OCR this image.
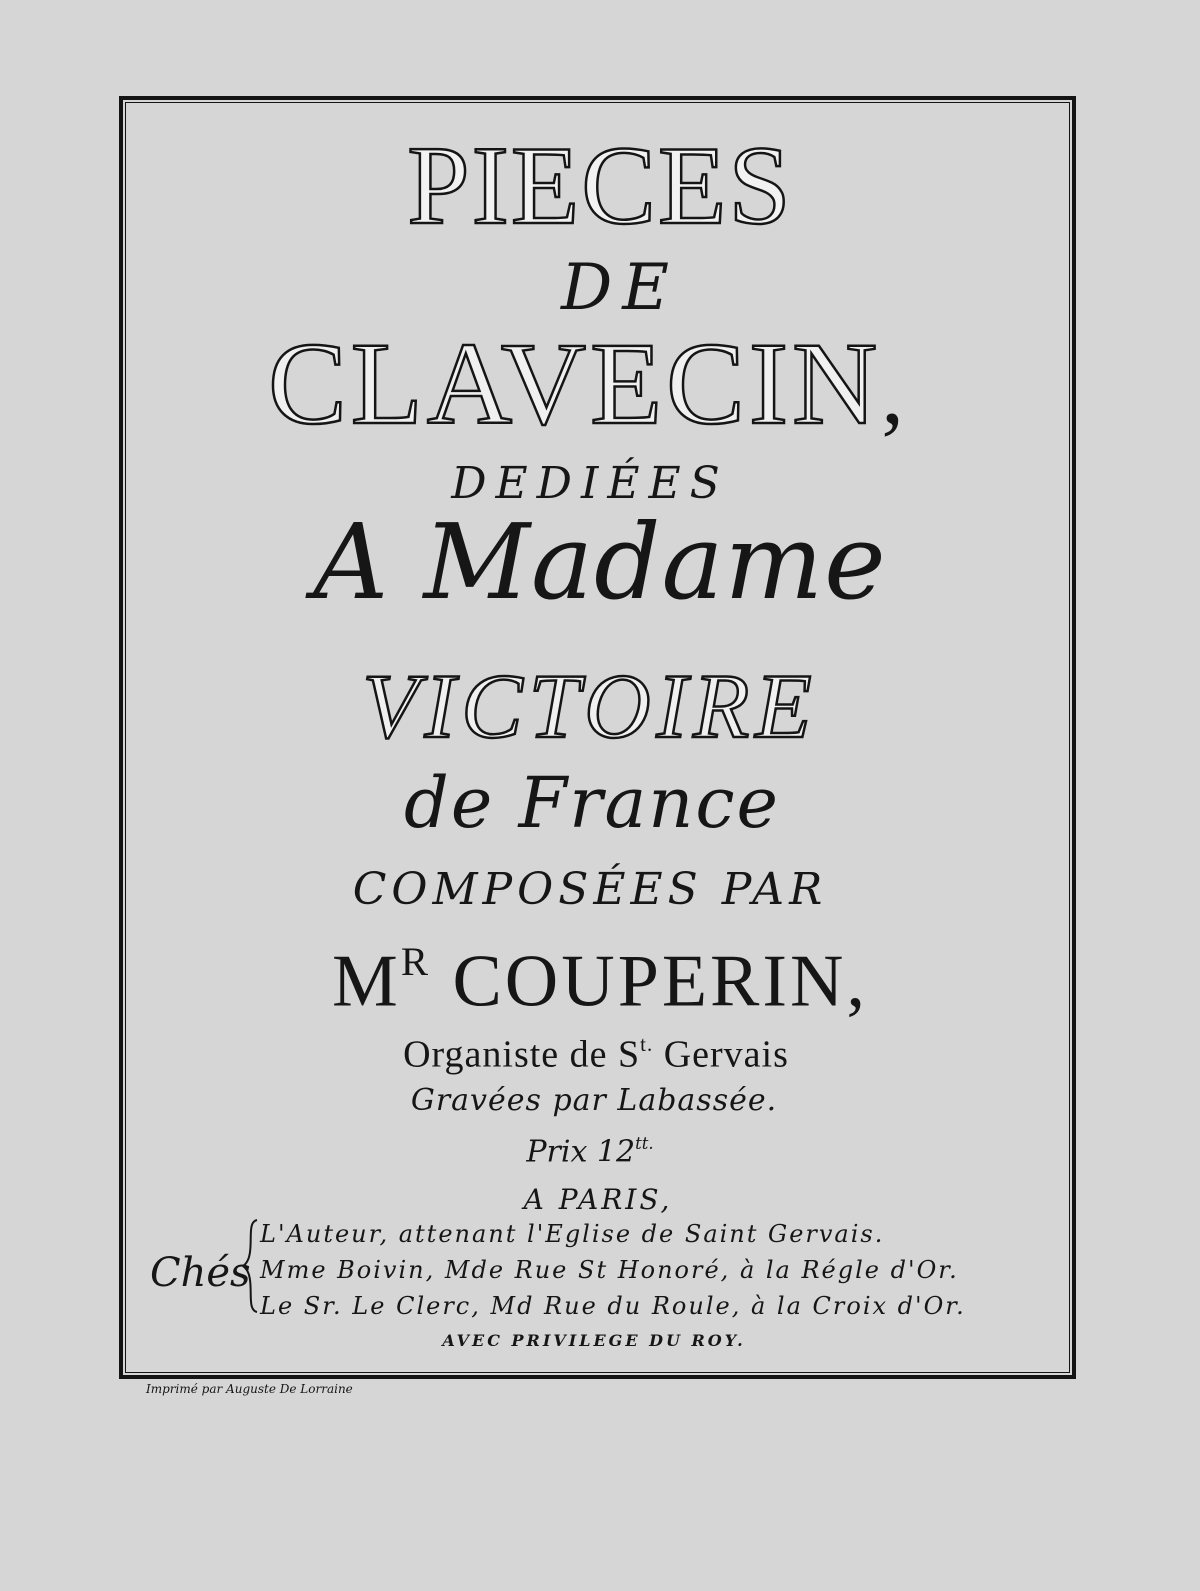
PIECES
DE
CLAVECIN,
DEDIÉES
A Madame
VICTOIRE
de France
COMPOSÉES PAR
$M^R$ COUPERIN,
Organiste de $S^{t.}$ Gervais
Gravées par Labassée.
Prix $12^{tt.}$
A PARIS,
Chés
L'Auteur, attenant l'Eglise de Saint Gervais.
Mme Boivin, Mde Rue St Honoré, à la Régle d'Or.
Le Sr. Le Clerc, Md Rue du Roule, à la Croix d'Or.
AVEC PRIVILEGE DU ROY.
Imprimé par Auguste De Lorraine
